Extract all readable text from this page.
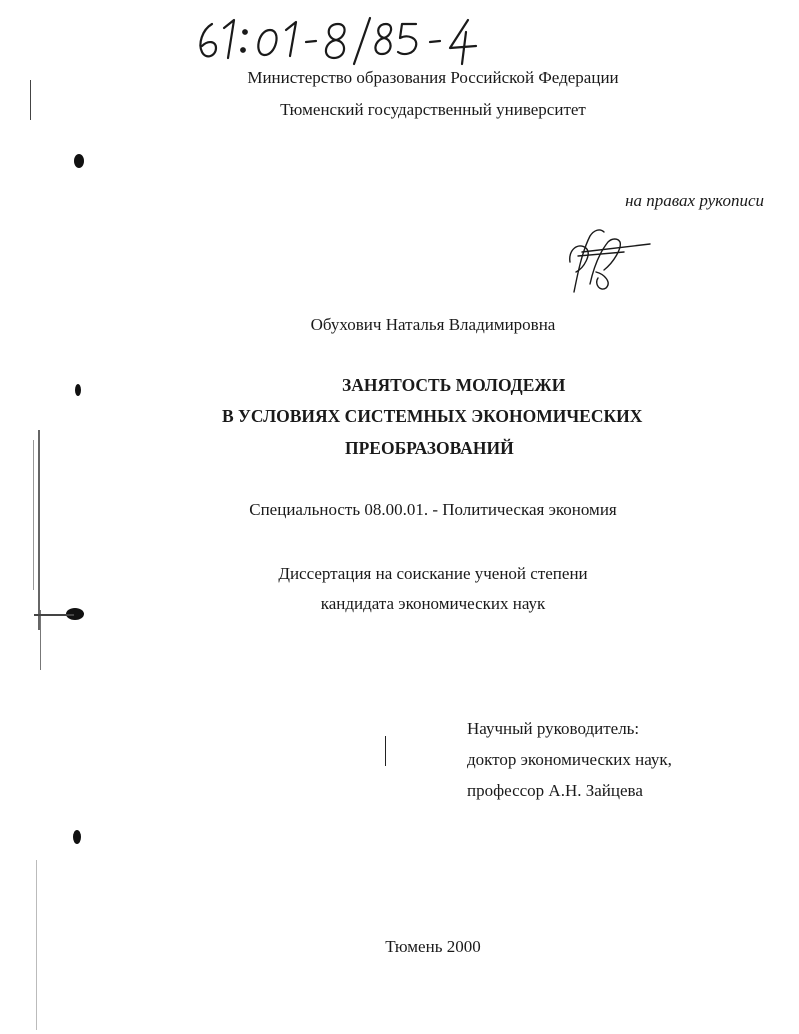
Министерство образования Российской Федерации
Тюменский государственный университет
на правах рукописи
Обухович Наталья Владимировна
ЗАНЯТОСТЬ МОЛОДЕЖИ
В УСЛОВИЯХ СИСТЕМНЫХ ЭКОНОМИЧЕСКИХ
ПРЕОБРАЗОВАНИЙ
Специальность 08.00.01. - Политическая экономия
Диссертация на соискание ученой степени
кандидата экономических наук
Научный руководитель:
доктор экономических наук,
профессор А.Н. Зайцева
Тюмень 2000
